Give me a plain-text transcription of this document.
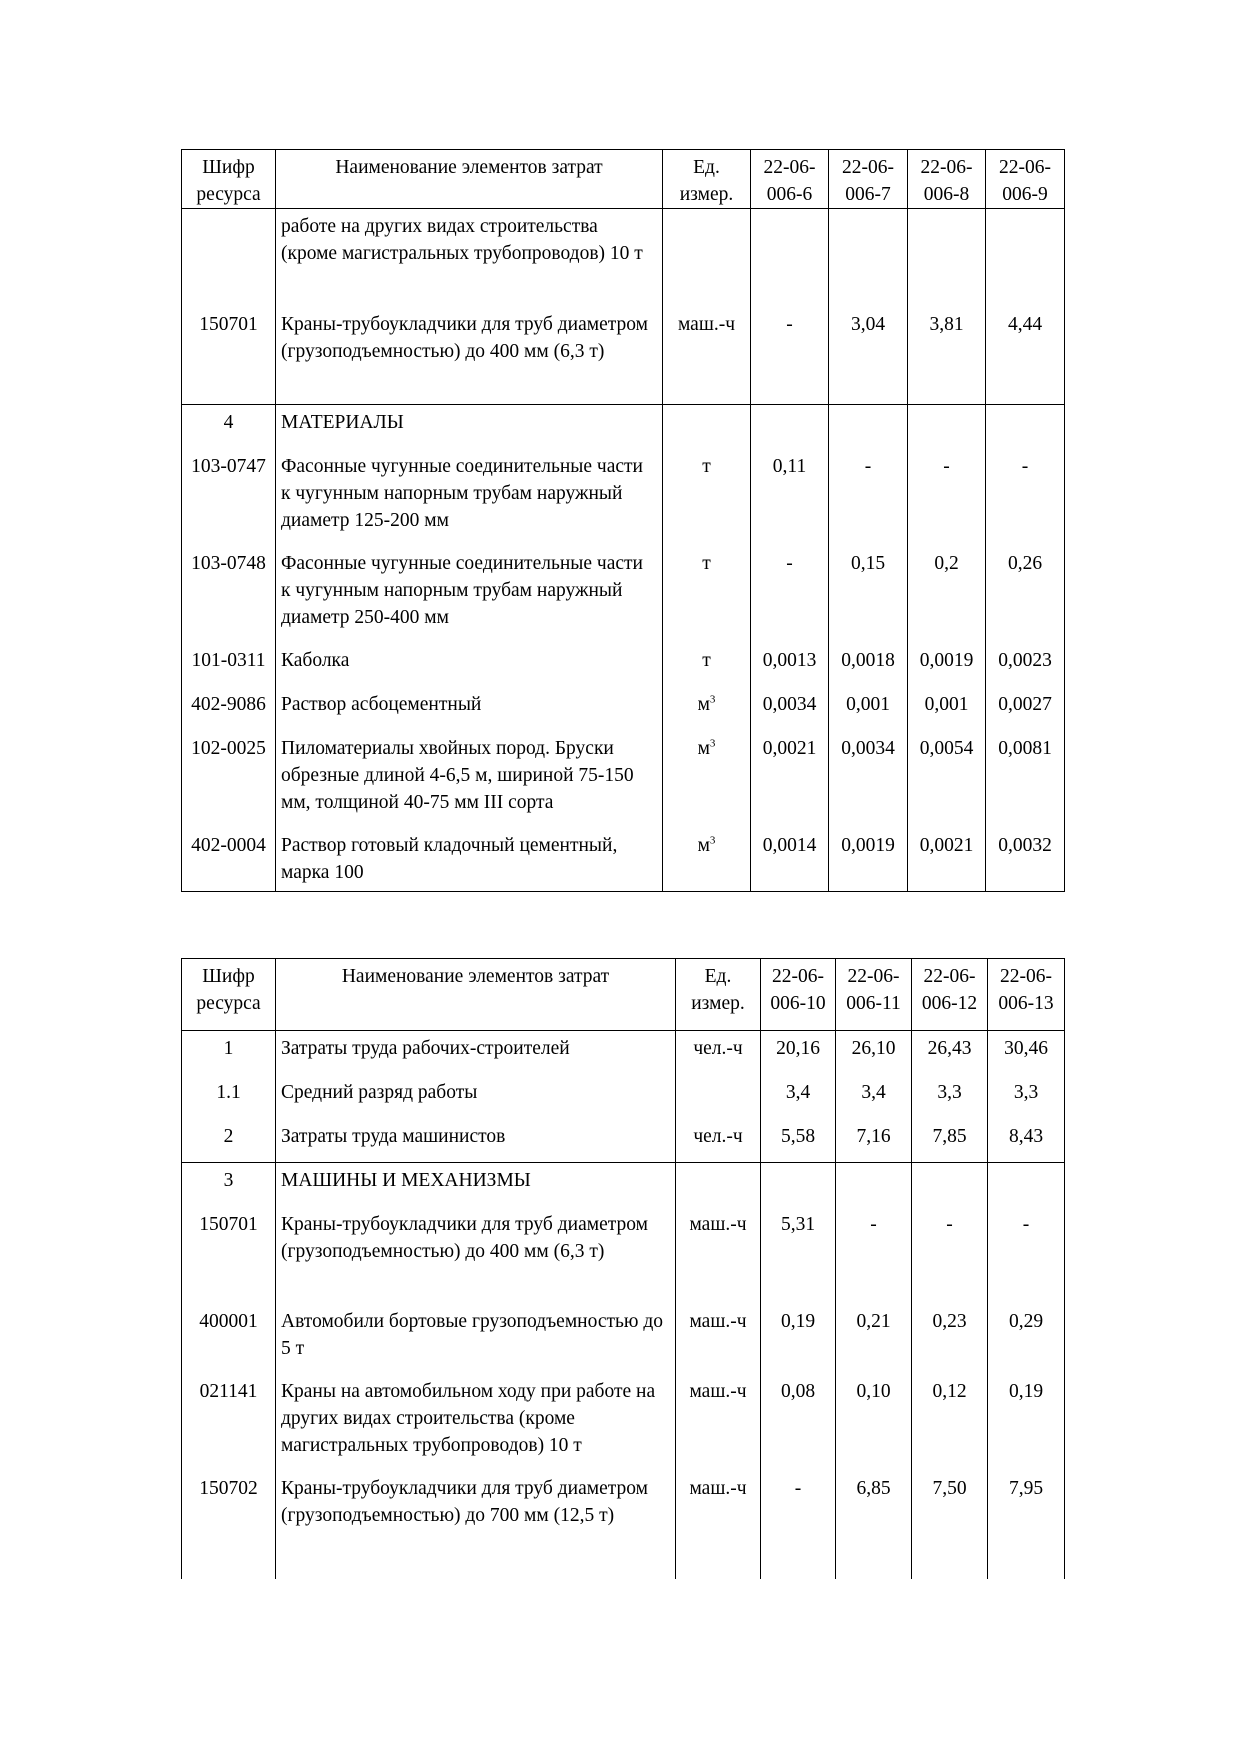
Шифр ресурса	Наименование элементов затрат	Ед. измер.	22-06-006-6	22-06-006-7	22-06-006-8	22-06-006-9
	работе на других видах строительства (кроме магистральных трубопроводов) 10 т					
150701	Краны-трубоукладчики для труб диаметром (грузоподъемностью) до 400 мм (6,3 т)	маш.-ч	-	3,04	3,81	4,44
4	МАТЕРИАЛЫ					
103-0747	Фасонные чугунные соединительные части к чугунным напорным трубам наружный диаметр 125-200 мм	т	0,11	-	-	-
103-0748	Фасонные чугунные соединительные части к чугунным напорным трубам наружный диаметр 250-400 мм	т	-	0,15	0,2	0,26
101-0311	Каболка	т	0,0013	0,0018	0,0019	0,0023
402-9086	Раствор асбоцементный	$м^3$	0,0034	0,001	0,001	0,0027
102-0025	Пиломатериалы хвойных пород. Бруски обрезные длиной 4-6,5 м, шириной 75-150 мм, толщиной 40-75 мм III сорта	$м^3$	0,0021	0,0034	0,0054	0,0081
402-0004	Раствор готовый кладочный цементный, марка 100	$м^3$	0,0014	0,0019	0,0021	0,0032
Шифр ресурса	Наименование элементов затрат	Ед. измер.	22-06-006-10	22-06-006-11	22-06-006-12	22-06-006-13
1	Затраты труда рабочих-строителей	чел.-ч	20,16	26,10	26,43	30,46
1.1	Средний разряд работы		3,4	3,4	3,3	3,3
2	Затраты труда машинистов	чел.-ч	5,58	7,16	7,85	8,43
3	МАШИНЫ И МЕХАНИЗМЫ					
150701	Краны-трубоукладчики для труб диаметром (грузоподъемностью) до 400 мм (6,3 т)	маш.-ч	5,31	-	-	-
400001	Автомобили бортовые грузоподъемностью до 5 т	маш.-ч	0,19	0,21	0,23	0,29
021141	Краны на автомобильном ходу при работе на других видах строительства (кроме магистральных трубопроводов) 10 т	маш.-ч	0,08	0,10	0,12	0,19
150702	Краны-трубоукладчики для труб диаметром (грузоподъемностью) до 700 мм (12,5 т)	маш.-ч	-	6,85	7,50	7,95
